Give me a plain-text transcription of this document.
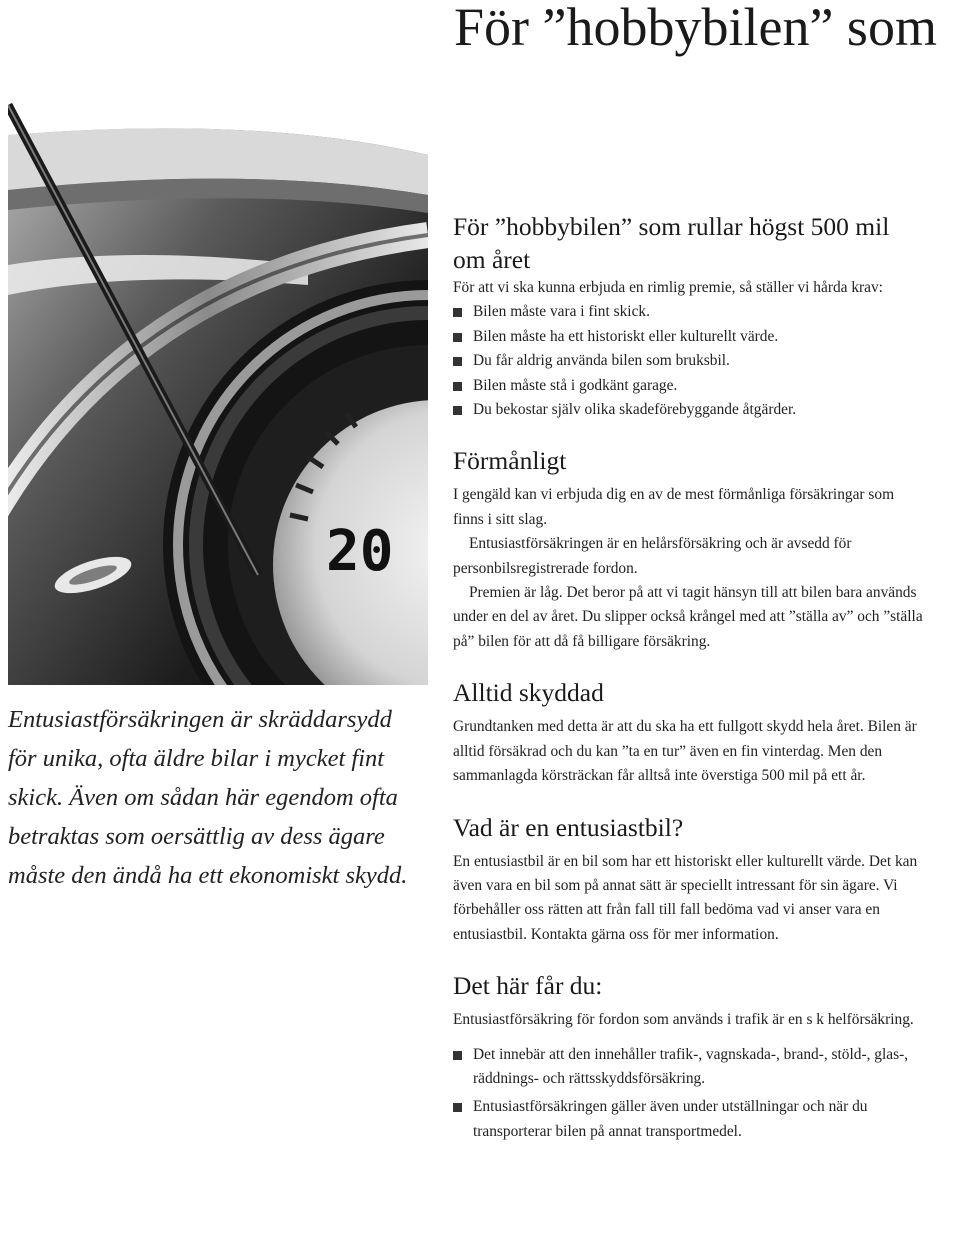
För ”hobbybilen” som
20

Entusiastförsäkringen är skräddarsydd för unika, ofta äldre bilar i mycket fint skick. Även om sådan här egendom ofta betraktas som oersättlig av dess ägare måste den ändå ha ett ekonomiskt skydd.

För ”hobbybilen” som rullar högst 500 mil om året

För att vi ska kunna erbjuda en rimlig premie, så ställer vi hårda krav:

Bilen måste vara i fint skick.
Bilen måste ha ett historiskt eller kulturellt värde.
Du får aldrig använda bilen som bruksbil.
Bilen måste stå i godkänt garage.
Du bekostar själv olika skadeförebyggande åtgärder.
Förmånligt

I gengäld kan vi erbjuda dig en av de mest förmånliga försäkringar som finns i sitt slag.

Entusiastförsäkringen är en helårsförsäkring och är avsedd för personbilsregistrerade fordon.

Premien är låg. Det beror på att vi tagit hänsyn till att bilen bara används under en del av året. Du slipper också krångel med att ”ställa av” och ”ställa på” bilen för att då få billigare försäkring.

Alltid skyddad

Grundtanken med detta är att du ska ha ett fullgott skydd hela året. Bilen är alltid försäkrad och du kan ”ta en tur” även en fin vinterdag. Men den sammanlagda körsträckan får alltså inte överstiga 500 mil på ett år.

Vad är en entusiastbil?

En entusiastbil är en bil som har ett historiskt eller kulturellt värde. Det kan även vara en bil som på annat sätt är speciellt intressant för sin ägare. Vi förbehåller oss rätten att från fall till fall bedöma vad vi anser vara en entusiastbil. Kontakta gärna oss för mer information.

Det här får du:

Entusiastförsäkring för fordon som används i trafik är en s k helförsäkring.

Det innebär att den innehåller trafik-, vagnskada-, brand-, stöld-, glas-, räddnings- och rättsskyddsförsäkring.
Entusiastförsäkringen gäller även under utställningar och när du transporterar bilen på annat transportmedel.
